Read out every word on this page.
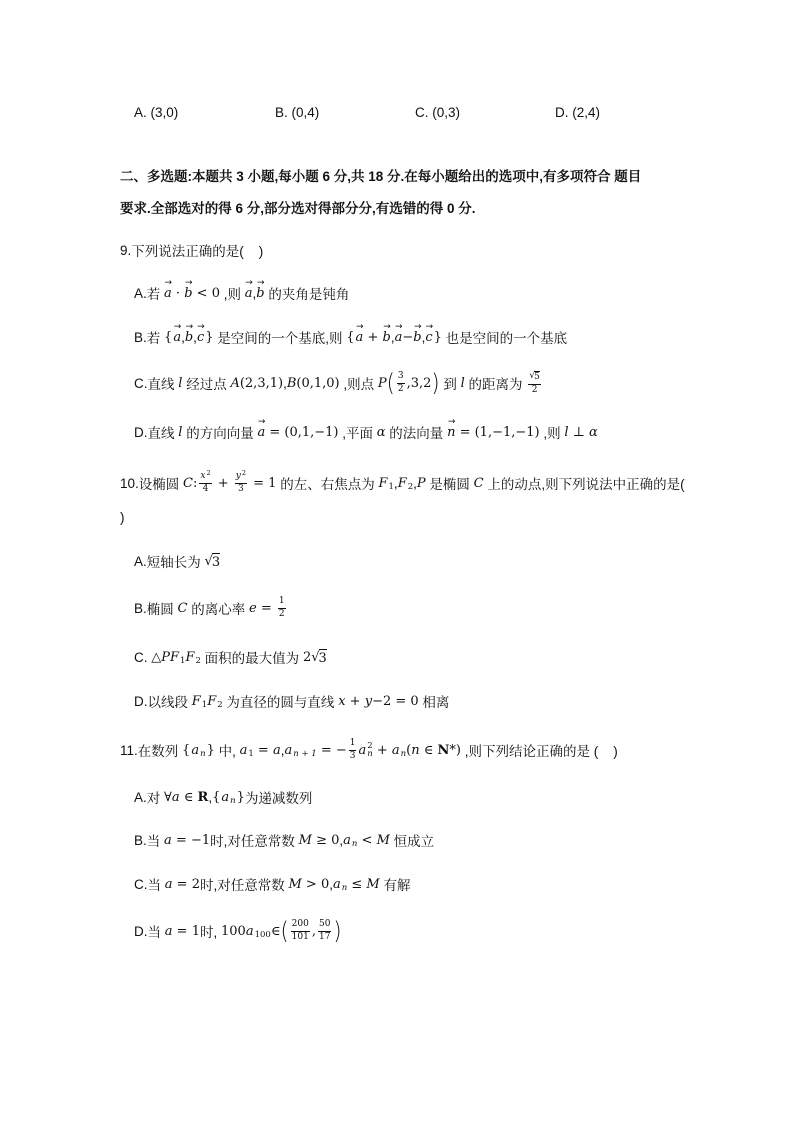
A. (3,0)	B. (0,4)	C. (0,3)	D. (2,4)
二、多选题:本题共 3 小题,每小题 6 分,共 18 分.在每小题给出的选项中,有多项符合 题目
要求.全部选对的得 6 分,部分选对得部分分,有选错的得 0 分.
9. 下列说法正确的是(    )
A. 若 → a · → b < 0 ,则 → a , → b 的夹角是钝角
B. 若 → { a , → b , → c
} 是空间的一个基底,则 → { a + → b , → a − → b , → c
} 也是空间的一个基底
C. 直线 l 经过点 A (2,3,1) , B (0,1,0) ,则点 P ( $\frac{3}{2} ,3,2$
) 到 l 的距离为 √ $\frac{5}{2}$
D. 直线 l 的方向向量 → a = (0,1,−1) ,平面 α 的法向量 → n = (1,−1,−1) ,则 l ⊥ α
10. 设椭圆 C : $\frac{x 2}{4} + \frac{y 2}{3} = 1$ 的左、右焦点为 F 1 , F 2 , P 是椭圆 C 上的动点,则下列说法中正确的是(
)
A. 短轴长为 √ 3
B. 椭圆 C 的离心率 $e = \frac{1}{2}$
C.
△ PF 1 F 2 面积的最大值为 2 √ 3
D. 以线段 F 1 F 2 为直径的圆与直线 x + y −2 = 0 相离
11. 在数列 { a n
} 中, a 1 = a , a n + 1 = − $\frac{1}{3}$ a 2
n + a n ( n ∈ N *) ,则下列结论正确的是 (    )
A. 对 ∀ a ∈ R , { a n
} 为递减数列
B. 当 a = −1 时,对任意常数 M ≥ 0 , a n < M 恒成立
C. 当 a = 2 时,对任意常数 M > 0 , a n ≤ M 有解
D. 当 a = 1 时, 100 a 100 ∈ ( $\frac{200}{101}$ , $\frac{50}{17}$
)
